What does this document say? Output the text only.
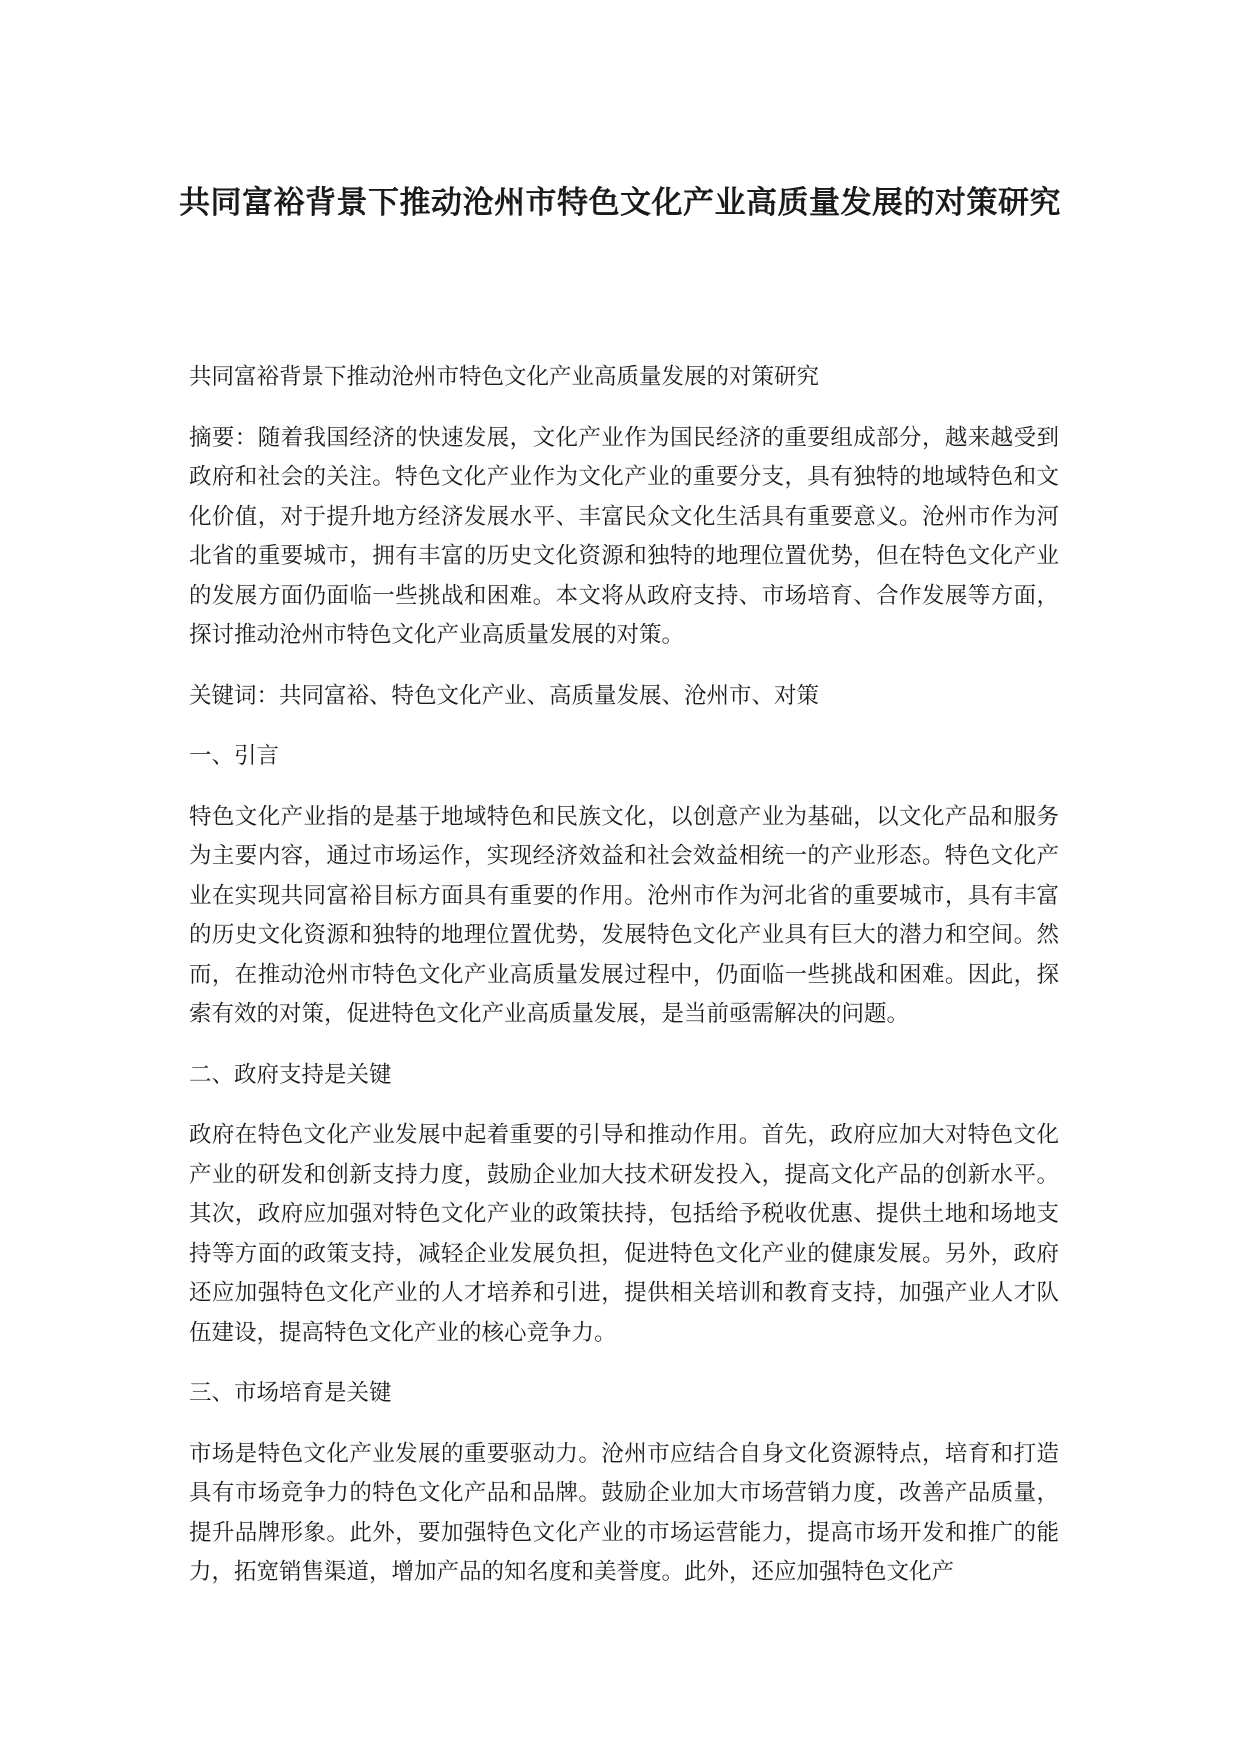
共同富裕背景下推动沧州市特色文化产业高质量发展的对策研究

共同富裕背景下推动沧州市特色文化产业高质量发展的对策研究

摘要：随着我国经济的快速发展，文化产业作为国民经济的重要组成部分，越来越受到政府和社会的关注。特色文化产业作为文化产业的重要分支，具有独特的地域特色和文化价值，对于提升地方经济发展水平、丰富民众文化生活具有重要意义。沧州市作为河北省的重要城市，拥有丰富的历史文化资源和独特的地理位置优势，但在特色文化产业的发展方面仍面临一些挑战和困难。本文将从政府支持、市场培育、合作发展等方面，探讨推动沧州市特色文化产业高质量发展的对策。

关键词：共同富裕、特色文化产业、高质量发展、沧州市、对策

一、引言

特色文化产业指的是基于地域特色和民族文化，以创意产业为基础，以文化产品和服务为主要内容，通过市场运作，实现经济效益和社会效益相统一的产业形态。特色文化产业在实现共同富裕目标方面具有重要的作用。沧州市作为河北省的重要城市，具有丰富的历史文化资源和独特的地理位置优势，发展特色文化产业具有巨大的潜力和空间。然而，在推动沧州市特色文化产业高质量发展过程中，仍面临一些挑战和困难。因此，探索有效的对策，促进特色文化产业高质量发展，是当前亟需解决的问题。

二、政府支持是关键

政府在特色文化产业发展中起着重要的引导和推动作用。首先，政府应加大对特色文化产业的研发和创新支持力度，鼓励企业加大技术研发投入，提高文化产品的创新水平。其次，政府应加强对特色文化产业的政策扶持，包括给予税收优惠、提供土地和场地支持等方面的政策支持，减轻企业发展负担，促进特色文化产业的健康发展。另外，政府还应加强特色文化产业的人才培养和引进，提供相关培训和教育支持，加强产业人才队伍建设，提高特色文化产业的核心竞争力。

三、市场培育是关键

市场是特色文化产业发展的重要驱动力。沧州市应结合自身文化资源特点，培育和打造具有市场竞争力的特色文化产品和品牌。鼓励企业加大市场营销力度，改善产品质量，提升品牌形象。此外，要加强特色文化产业的市场运营能力，提高市场开发和推广的能力，拓宽销售渠道，增加产品的知名度和美誉度。此外，还应加强特色文化产
